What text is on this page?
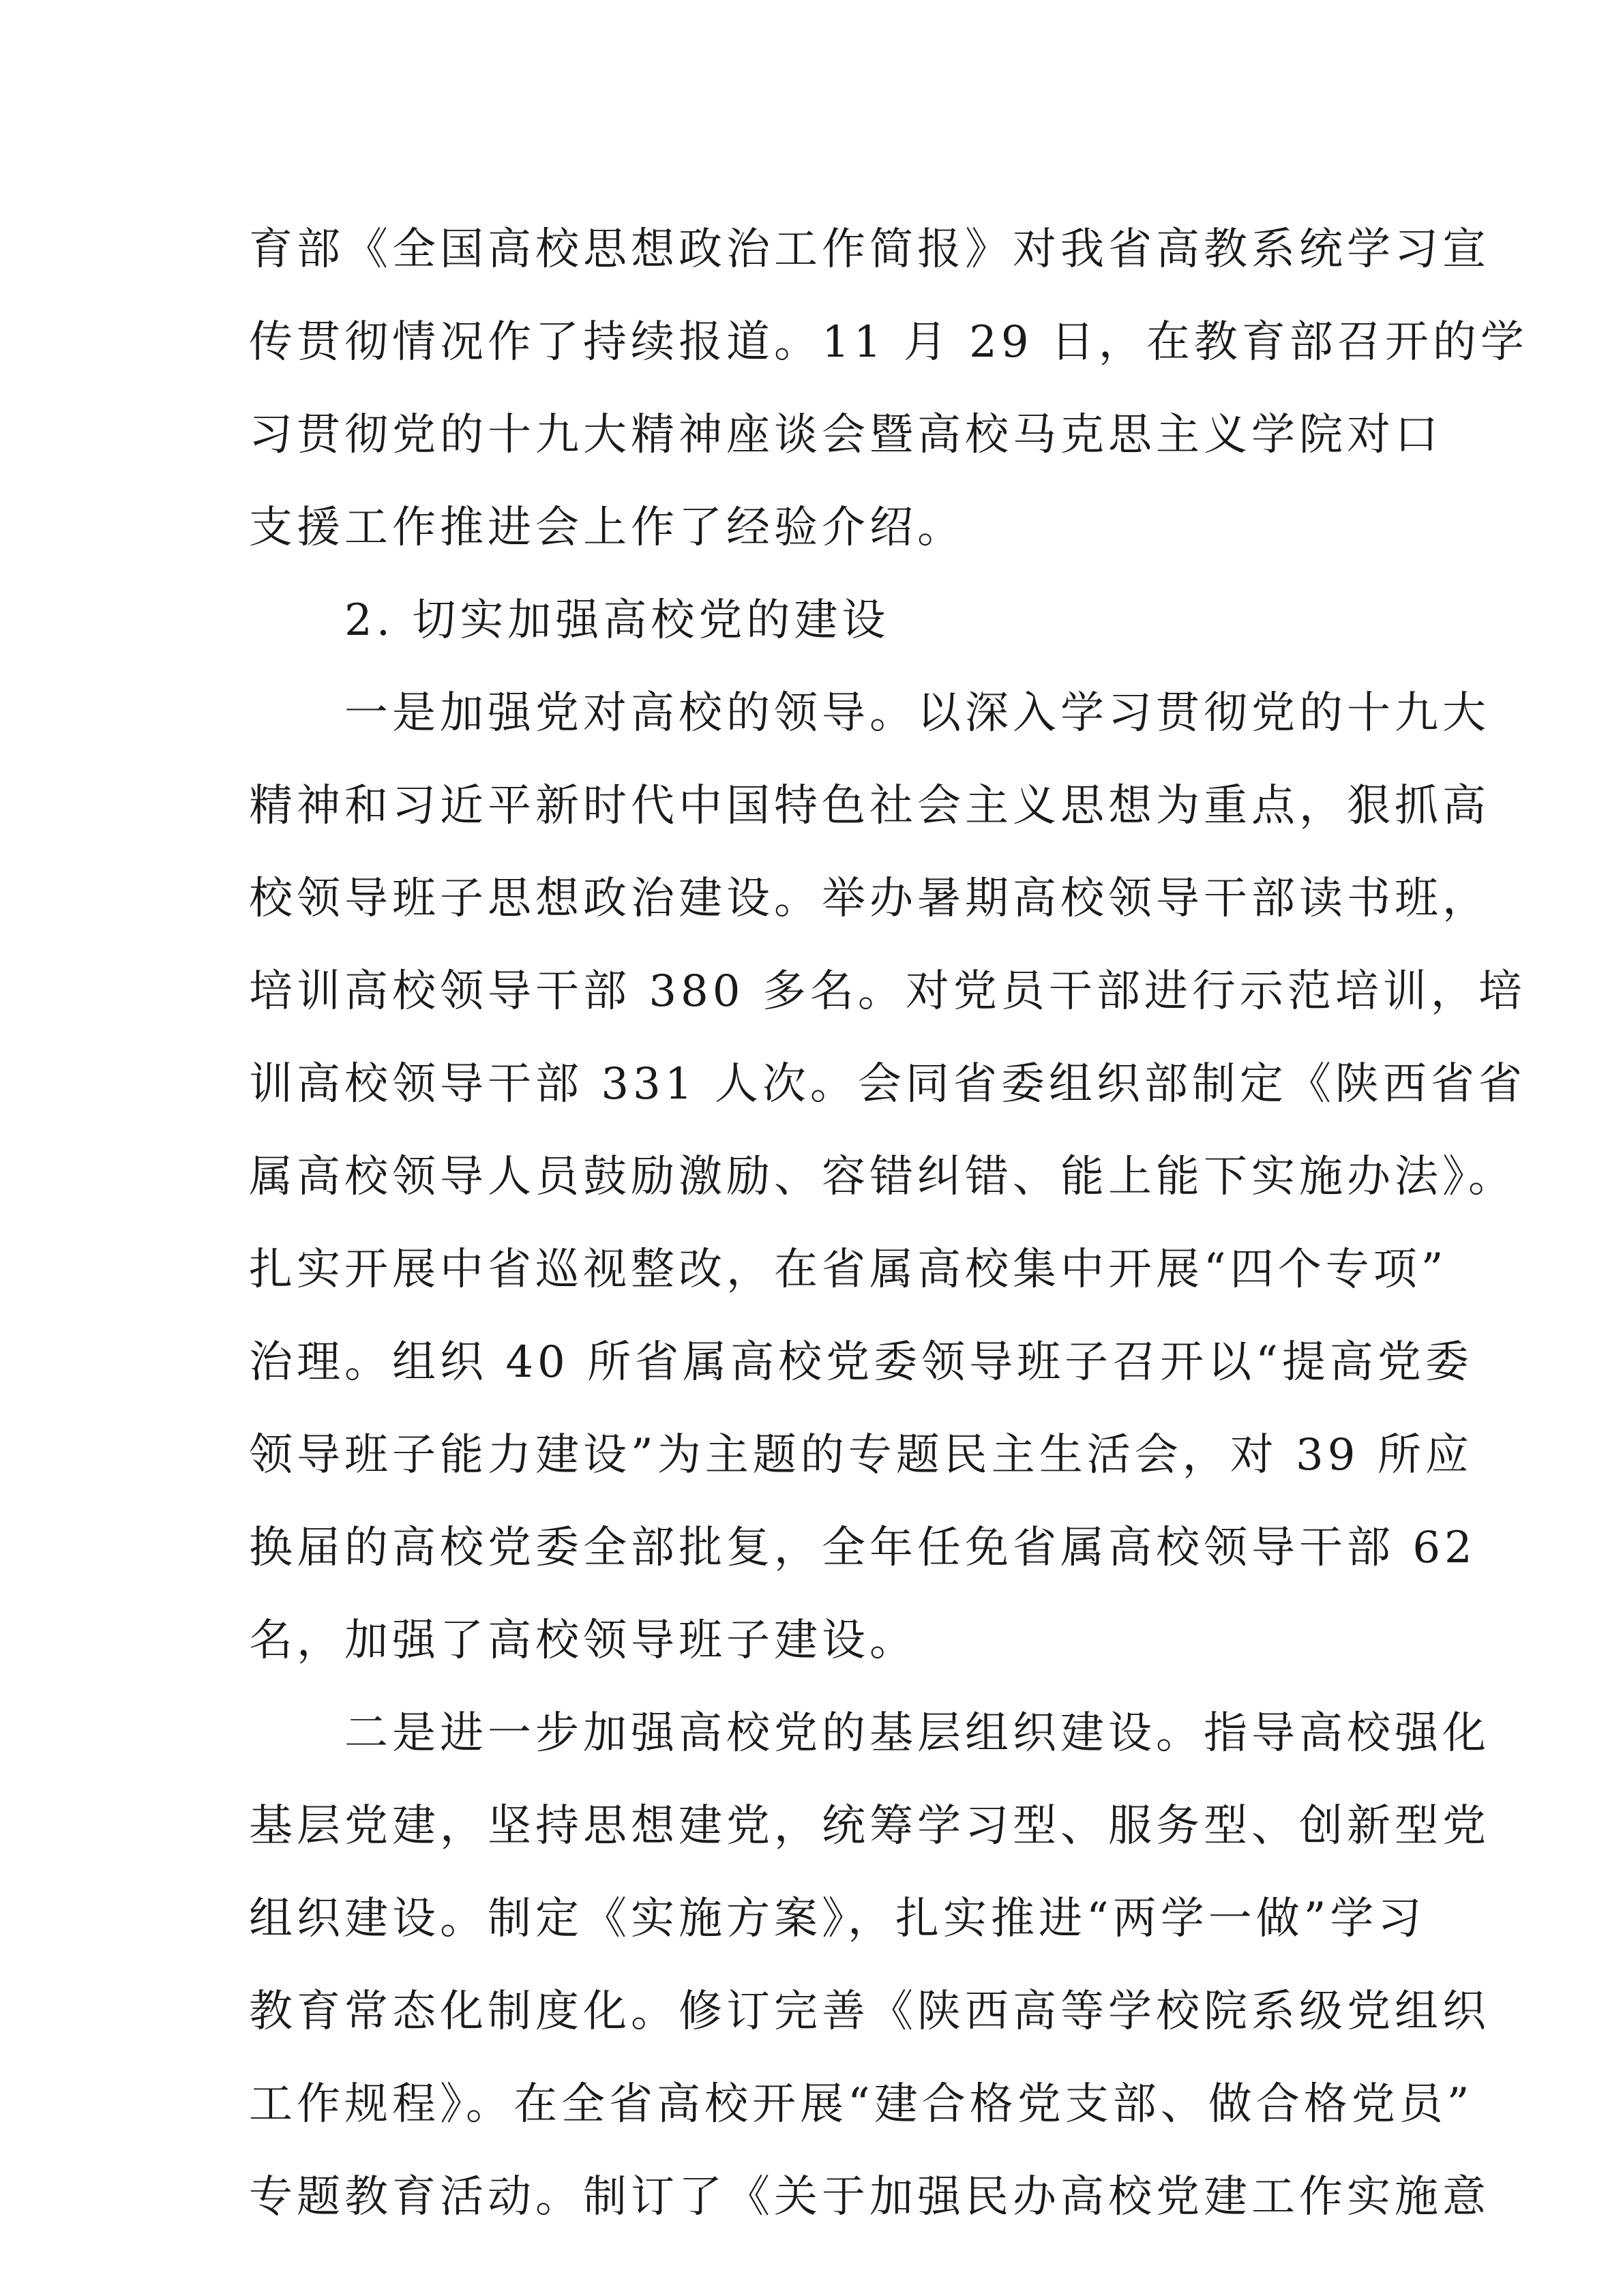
育部《全国高校思想政治工作简报》对我省高教系统学习宣
传贯彻情况作了持续报道。11 月 29 日，在教育部召开的学
习贯彻党的十九大精神座谈会暨高校马克思主义学院对口
支援工作推进会上作了经验介绍。
2. 切实加强高校党的建设
一是加强党对高校的领导。以深入学习贯彻党的十九大
精神和习近平新时代中国特色社会主义思想为重点，狠抓高
校领导班子思想政治建设。举办暑期高校领导干部读书班，
培训高校领导干部 380 多名。对党员干部进行示范培训，培
训高校领导干部 331 人次。会同省委组织部制定《陕西省省
属高校领导人员鼓励激励、容错纠错、能上能下实施办法》。
扎实开展中省巡视整改，在省属高校集中开展“四个专项”
治理。组织 40 所省属高校党委领导班子召开以“提高党委
领导班子能力建设”为主题的专题民主生活会，对 39 所应
换届的高校党委全部批复，全年任免省属高校领导干部 62
名，加强了高校领导班子建设。
二是进一步加强高校党的基层组织建设。指导高校强化
基层党建，坚持思想建党，统筹学习型、服务型、创新型党
组织建设。制定《实施方案》，扎实推进“两学一做”学习
教育常态化制度化。修订完善《陕西高等学校院系级党组织
工作规程》。在全省高校开展“建合格党支部、做合格党员”
专题教育活动。制订了《关于加强民办高校党建工作实施意
